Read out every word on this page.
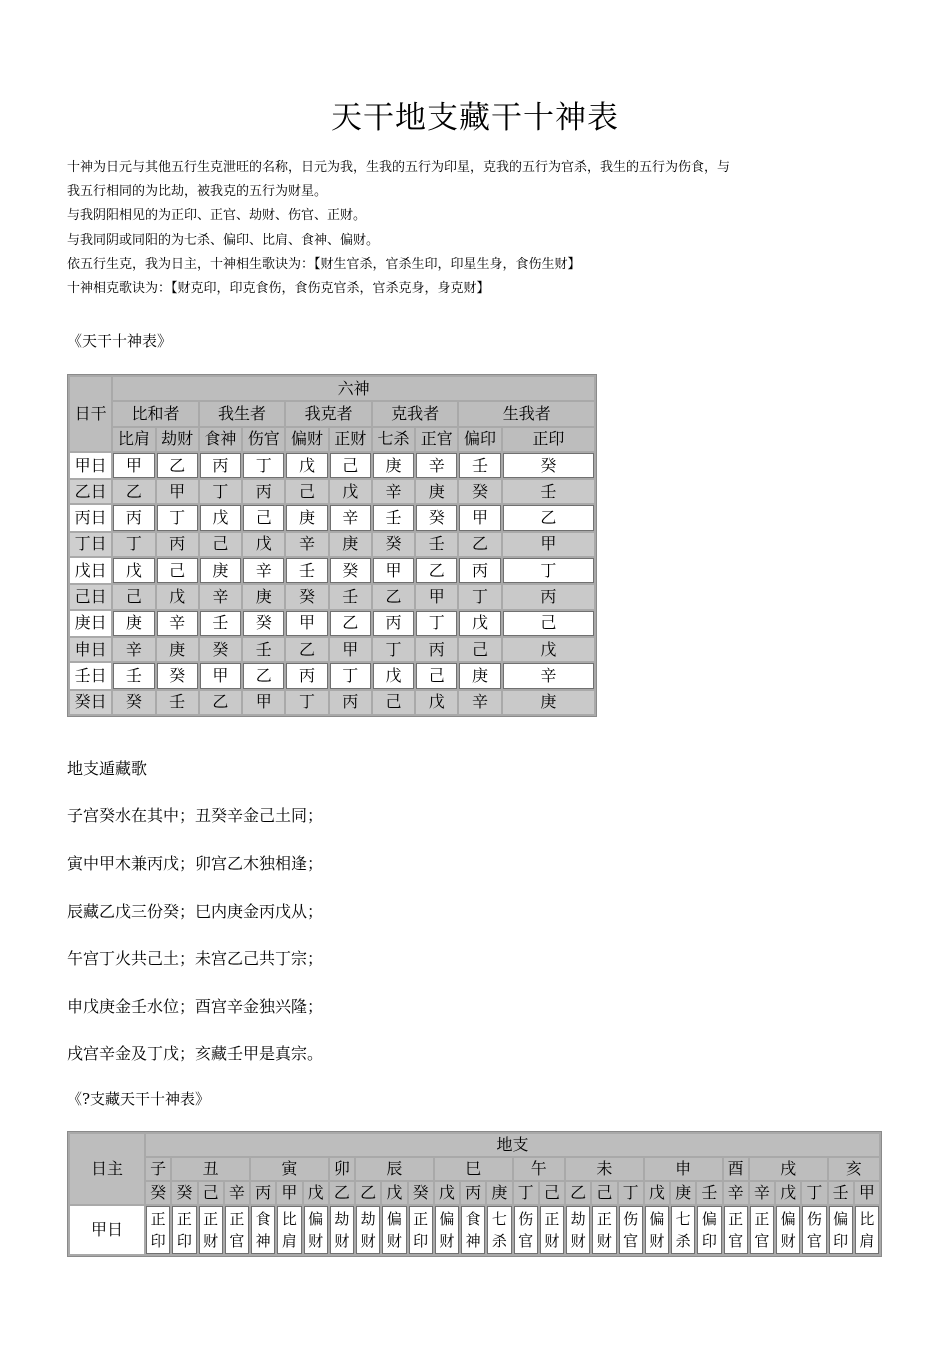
天干地支藏干十神表
十神为日元与其他五行生克泄旺的名称，日元为我，生我的五行为印星，克我的五行为官杀，我生的五行为伤食，与
我五行相同的为比劫，被我克的五行为财星。
与我阴阳相见的为正印、正官、劫财、伤官、正财。
与我同阴或同阳的为七杀、偏印、比肩、食神、偏财。
依五行生克，我为日主，十神相生歌诀为：【财生官杀，官杀生印，印星生身，食伤生财】
十神相克歌诀为：【财克印，印克食伤，食伤克官杀，官杀克身，身克财】
《天干十神表》
日干	六神									
	比和者		我生者		我克者		克我者		生我者	
	比肩	劫财	食神	伤官	偏财	正财	七杀	正官	偏印	正印
甲日	甲	乙	丙	丁	戊	己	庚	辛	壬	癸
乙日	乙	甲	丁	丙	己	戊	辛	庚	癸	壬
丙日	丙	丁	戊	己	庚	辛	壬	癸	甲	乙
丁日	丁	丙	己	戊	辛	庚	癸	壬	乙	甲
戊日	戊	己	庚	辛	壬	癸	甲	乙	丙	丁
己日	己	戊	辛	庚	癸	壬	乙	甲	丁	丙
庚日	庚	辛	壬	癸	甲	乙	丙	丁	戊	己
申日	辛	庚	癸	壬	乙	甲	丁	丙	己	戊
壬日	壬	癸	甲	乙	丙	丁	戊	己	庚	辛
癸日	癸	壬	乙	甲	丁	丙	己	戊	辛	庚
地支遁藏歌
子宫癸水在其中；丑癸辛金己土同；
寅中甲木兼丙戊；卯宫乙木独相逢；
辰藏乙戊三份癸；巳内庚金丙戊从；
午宫丁火共己土；未宫乙己共丁宗；
申戊庚金壬水位；酉宫辛金独兴隆；
戌宫辛金及丁戊；亥藏壬甲是真宗。
《?支藏天干十神表》
日主	地支																											
	子	丑			寅			卯	辰			巳			午		未			申			酉	戌			亥	
	癸	癸	己	辛	丙	甲	戊	乙	乙	戊	癸	戊	丙	庚	丁	己	乙	己	丁	戊	庚	壬	辛	辛	戊	丁	壬	甲
甲日	正印	正印	正财	正官	食神	比肩	偏财	劫财	劫财	偏财	正印	偏财	食神	七杀	伤官	正财	劫财	正财	伤官	偏财	七杀	偏印	正官	正官	偏财	伤官	偏印	比肩
